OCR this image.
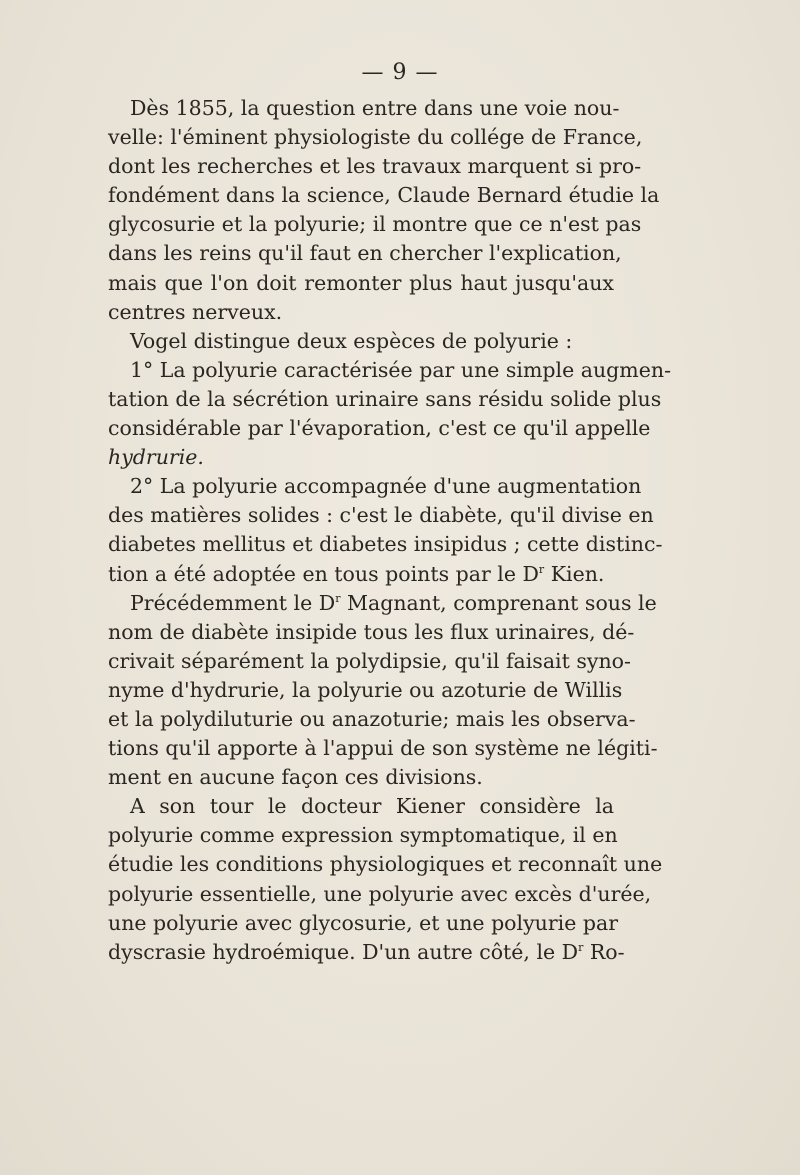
— 9 —
Dès 1855, la question entre dans une voie nou-
velle: l'éminent physiologiste du collége de France,
dont les recherches et les travaux marquent si pro-
fondément dans la science, Claude Bernard étudie la
glycosurie et la polyurie; il montre que ce n'est pas
dans les reins qu'il faut en chercher l'explication,
mais que l'on doit remonter plus haut jusqu'aux
centres nerveux.
Vogel distingue deux espèces de polyurie :
1° La polyurie caractérisée par une simple augmen-
tation de la sécrétion urinaire sans résidu solide plus
considérable par l'évaporation, c'est ce qu'il appelle
hydrurie.
2° La polyurie accompagnée d'une augmentation
des matières solides : c'est le diabète, qu'il divise en
diabetes mellitus et diabetes insipidus ; cette distinc-
tion a été adoptée en tous points par le $D^r$ Kien.
Précédemment le $D^r$ Magnant, comprenant sous le
nom de diabète insipide tous les flux urinaires, dé-
crivait séparément la polydipsie, qu'il faisait syno-
nyme d'hydrurie, la polyurie ou azoturie de Willis
et la polydiluturie ou anazoturie; mais les observa-
tions qu'il apporte à l'appui de son système ne légiti-
ment en aucune façon ces divisions.
A son tour le docteur Kiener considère la
polyurie comme expression symptomatique, il en
étudie les conditions physiologiques et reconnaît une
polyurie essentielle, une polyurie avec excès d'urée,
une polyurie avec glycosurie, et une polyurie par
dyscrasie hydroémique. D'un autre côté, le $D^r$ Ro-
